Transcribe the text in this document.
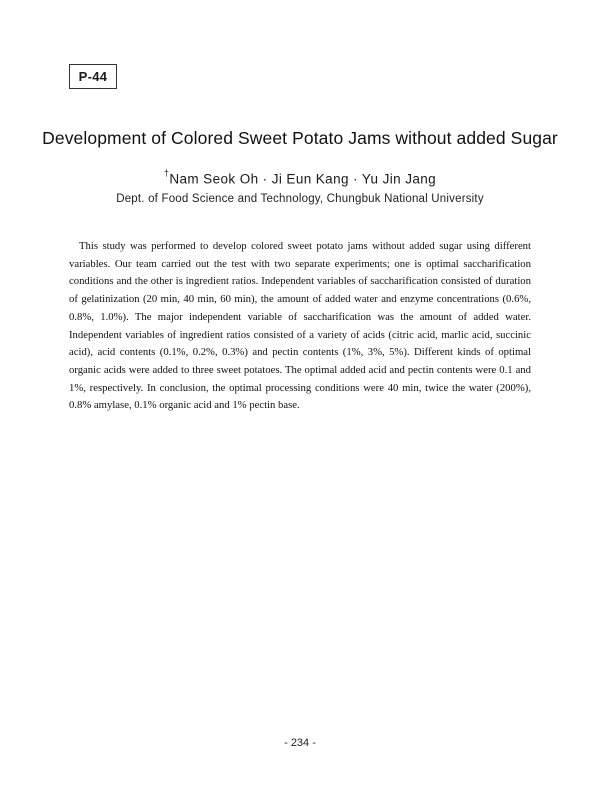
P-44
Development of Colored Sweet Potato Jams without added Sugar
†Nam Seok Oh · Ji Eun Kang · Yu Jin Jang
Dept. of Food Science and Technology, Chungbuk National University

This study was performed to develop colored sweet potato jams without added sugar using different variables. Our team carried out the test with two separate experiments; one is optimal saccharification conditions and the other is ingredient ratios. Independent variables of saccharification consisted of duration of gelatinization (20 min, 40 min, 60 min), the amount of added water and enzyme concentrations (0.6%, 0.8%, 1.0%). The major independent variable of saccharification was the amount of added water. Independent variables of ingredient ratios consisted of a variety of acids (citric acid, marlic acid, succinic acid), acid contents (0.1%, 0.2%, 0.3%) and pectin contents (1%, 3%, 5%). Different kinds of optimal organic acids were added to three sweet potatoes. The optimal added acid and pectin contents were 0.1 and 1%, respectively. In conclusion, the optimal processing conditions were 40 min, twice the water (200%), 0.8% amylase, 0.1% organic acid and 1% pectin base.

- 234 -
